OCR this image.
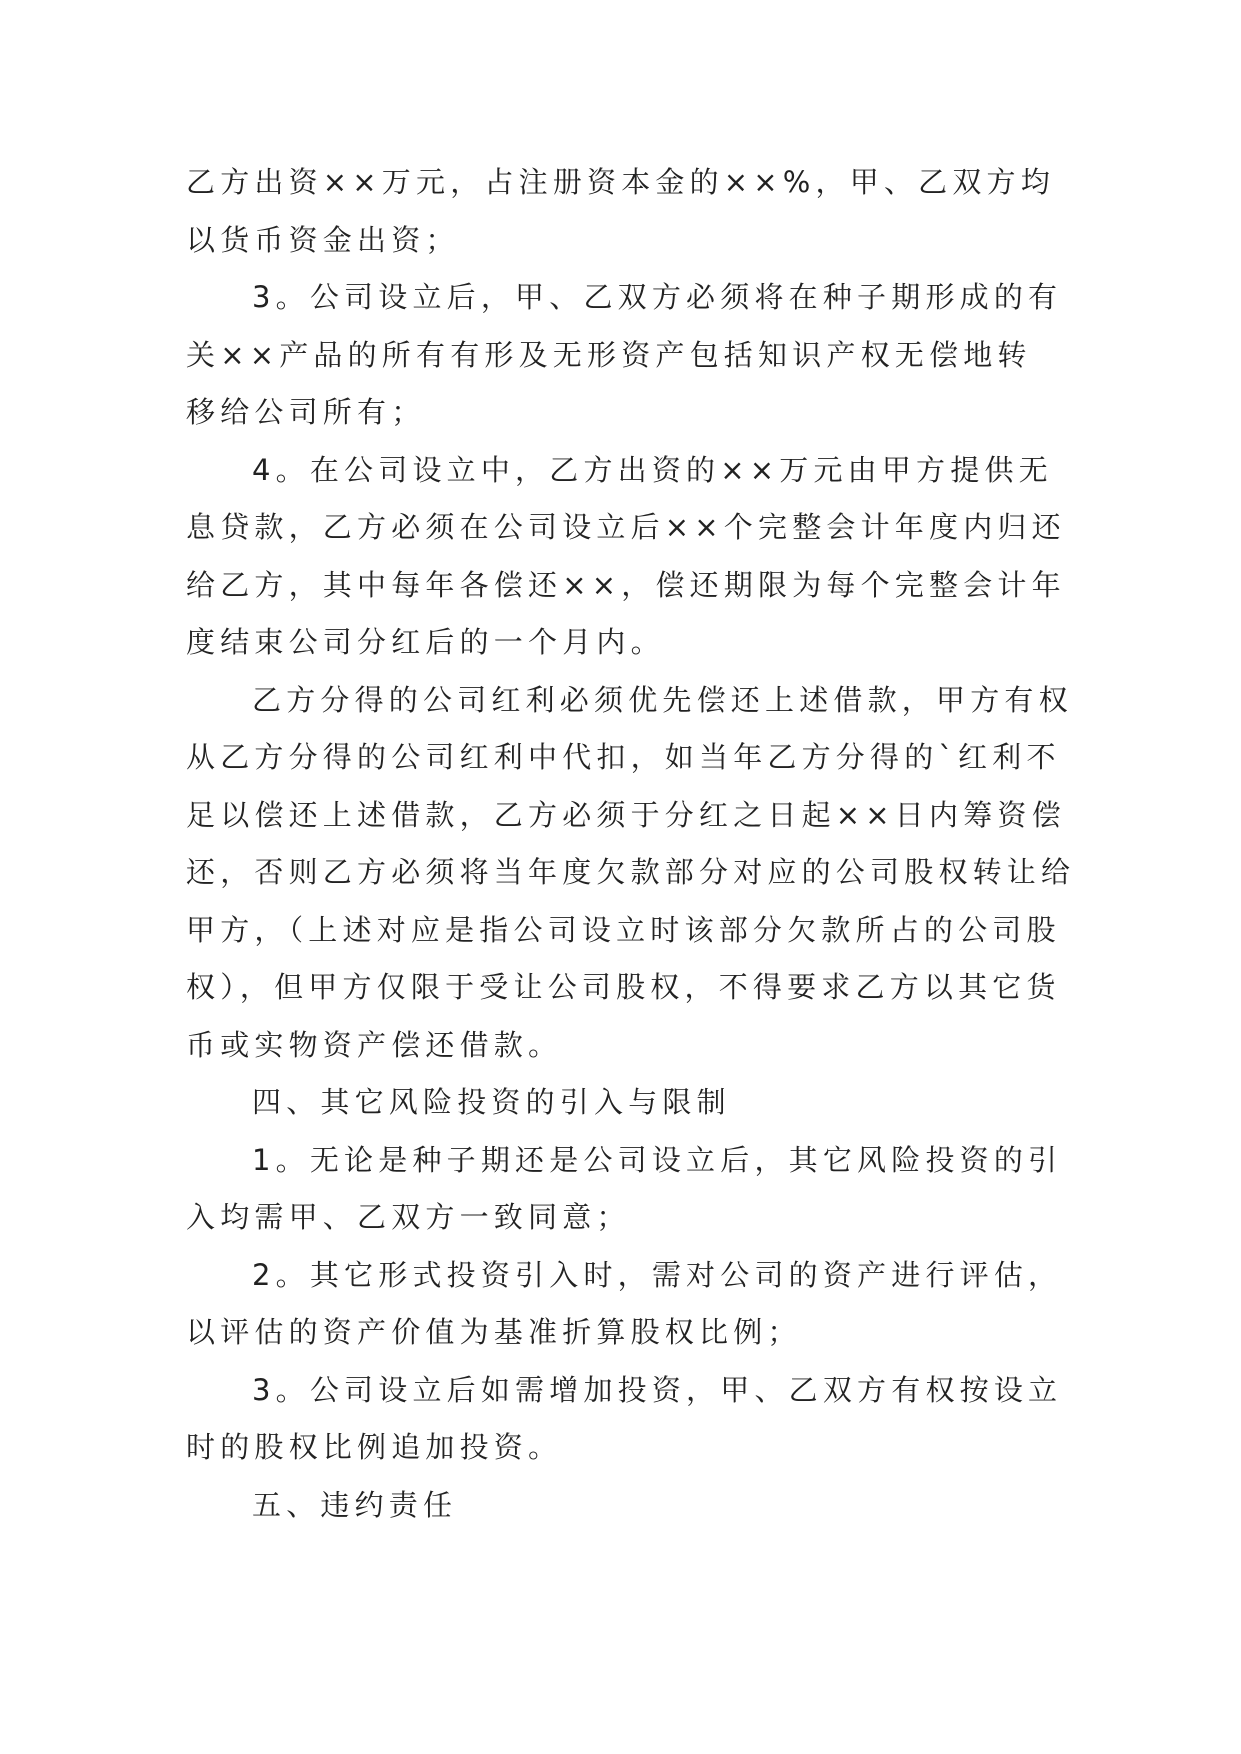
乙方出资××万元，占注册资本金的××%，甲、乙双方均
以货币资金出资；

3。公司设立后，甲、乙双方必须将在种子期形成的有
关××产品的所有有形及无形资产包括知识产权无偿地转
移给公司所有；

4。在公司设立中，乙方出资的××万元由甲方提供无
息贷款，乙方必须在公司设立后××个完整会计年度内归还
给乙方，其中每年各偿还××，偿还期限为每个完整会计年
度结束公司分红后的一个月内。

乙方分得的公司红利必须优先偿还上述借款，甲方有权
从乙方分得的公司红利中代扣，如当年乙方分得的`红利不
足以偿还上述借款，乙方必须于分红之日起××日内筹资偿
还，否则乙方必须将当年度欠款部分对应的公司股权转让给
甲方，（上述对应是指公司设立时该部分欠款所占的公司股
权），但甲方仅限于受让公司股权，不得要求乙方以其它货
币或实物资产偿还借款。

四、其它风险投资的引入与限制

1。无论是种子期还是公司设立后，其它风险投资的引
入均需甲、乙双方一致同意；

2。其它形式投资引入时，需对公司的资产进行评估，
以评估的资产价值为基准折算股权比例；

3。公司设立后如需增加投资，甲、乙双方有权按设立
时的股权比例追加投资。

五、违约责任
